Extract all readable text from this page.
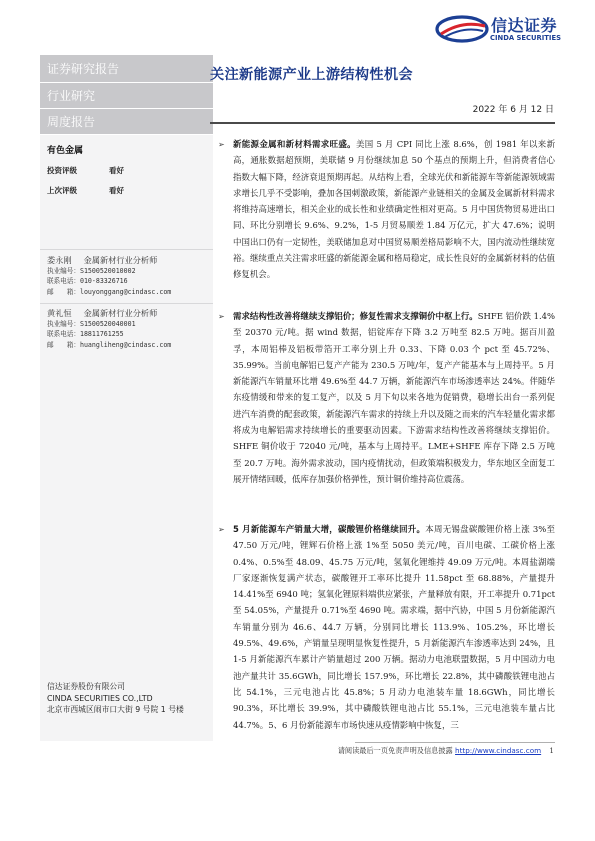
信达证券
CINDA SECURITIES
证券研究报告
行业研究
周度报告
有色金属
投资评级	看好
上次评级	看好
娄永刚 金属新材行业分析师
执业编号：S1500520010002
联系电话：010-83326716
邮　　箱：louyonggang@cindasc.com
黄礼恒 金属新材行业分析师
执业编号：S1500520040001
联系电话：18811761255
邮　　箱：huangliheng@cindasc.com
信达证券股份有限公司
CINDA SECURITIES CO.,LTD
北京市西城区闹市口大街 9 号院 1 号楼
关注新能源产业上游结构性机会
2022 年 6 月 12 日
➢ 新能源金属和新材料需求旺盛。美国 5 月 CPI 同比上涨 8.6%，创 1981 年以来新高，通胀数据超预期，美联储 9 月份继续加息 50 个基点的预期上升，但消费者信心指数大幅下降，经济衰退预期再起。从结构上看，全球光伏和新能源车等新能源领域需求增长几乎不受影响，叠加各国刺激政策，新能源产业链相关的金属及金属新材料需求将维持高速增长，相关企业的成长性和业绩确定性相对更高。5 月中国货物贸易进出口同、环比分别增长 9.6%、9.2%，1-5 月贸易顺差 1.84 万亿元，扩大 47.6%；说明中国出口仍有一定韧性，美联储加息对中国贸易顺差格局影响不大，国内流动性继续宽裕。继续重点关注需求旺盛的新能源金属和格局稳定，成长性良好的金属新材料的估值修复机会。
➢ 需求结构性改善将继续支撑铝价；修复性需求支撑铜价中枢上行。SHFE 铝价跌 1.4%至 20370 元/吨。据 wind 数据，铝锭库存下降 3.2 万吨至 82.5 万吨。据百川盈孚，本周铝棒及铝板带箔开工率分别上升 0.33、下降 0.03 个 pct 至 45.72%、35.99%。当前电解铝已复产产能为 230.5 万吨/年，复产产能基本与上周持平。5 月新能源汽车销量环比增 49.6%至 44.7 万辆，新能源汽车市场渗透率达 24%。伴随华东疫情缓和带来的复工复产，以及 5 月下旬以来各地为促销费，稳增长出台一系列促进汽车消费的配套政策，新能源汽车需求的持续上升以及随之而来的汽车轻量化需求都将成为电解铝需求持续增长的重要驱动因素。下游需求结构性改善将继续支撑铝价。SHFE 铜价收于 72040 元/吨，基本与上周持平。LME+SHFE 库存下降 2.5 万吨至 20.7 万吨。海外需求波动，国内疫情扰动，但政策端积极发力，华东地区全面复工展开情绪回暖，低库存加强价格弹性，预计铜价维持高位震荡。
➢ 5 月新能源车产销量大增，碳酸锂价格继续回升。本周无锡盘碳酸锂价格上涨 3%至 47.50 万元/吨，锂辉石价格上涨 1%至 5050 美元/吨，百川电碳、工碳价格上涨 0.4%、0.5%至 48.09、45.75 万元/吨，氢氧化锂维持 49.09 万元/吨。本周盐湖端厂家逐渐恢复满产状态，碳酸锂开工率环比提升 11.58pct 至 68.88%，产量提升 14.41%至 6940 吨；氢氧化锂原料端供应紧张，产量释放有限，开工率提升 0.71pct 至 54.05%，产量提升 0.71%至 4690 吨。需求端，据中汽协，中国 5 月份新能源汽车销量分别为 46.6、44.7 万辆，分别同比增长 113.9%、105.2%，环比增长 49.5%、49.6%，产销量呈现明显恢复性提升，5 月新能源汽车渗透率达到 24%，且 1-5 月新能源汽车累计产销量超过 200 万辆。据动力电池联盟数据，5 月中国动力电池产量共计 35.6GWh，同比增长 157.9%，环比增长 22.8%，其中磷酸铁锂电池占比 54.1%，三元电池占比 45.8%；5 月动力电池装车量 18.6GWh，同比增长 90.3%，环比增长 39.9%，其中磷酸铁锂电池占比 55.1%，三元电池装车量占比 44.7%。5、6 月份新能源车市场快速从疫情影响中恢复，三
请阅读最后一页免责声明及信息披露 http://www.cindasc.com 1
